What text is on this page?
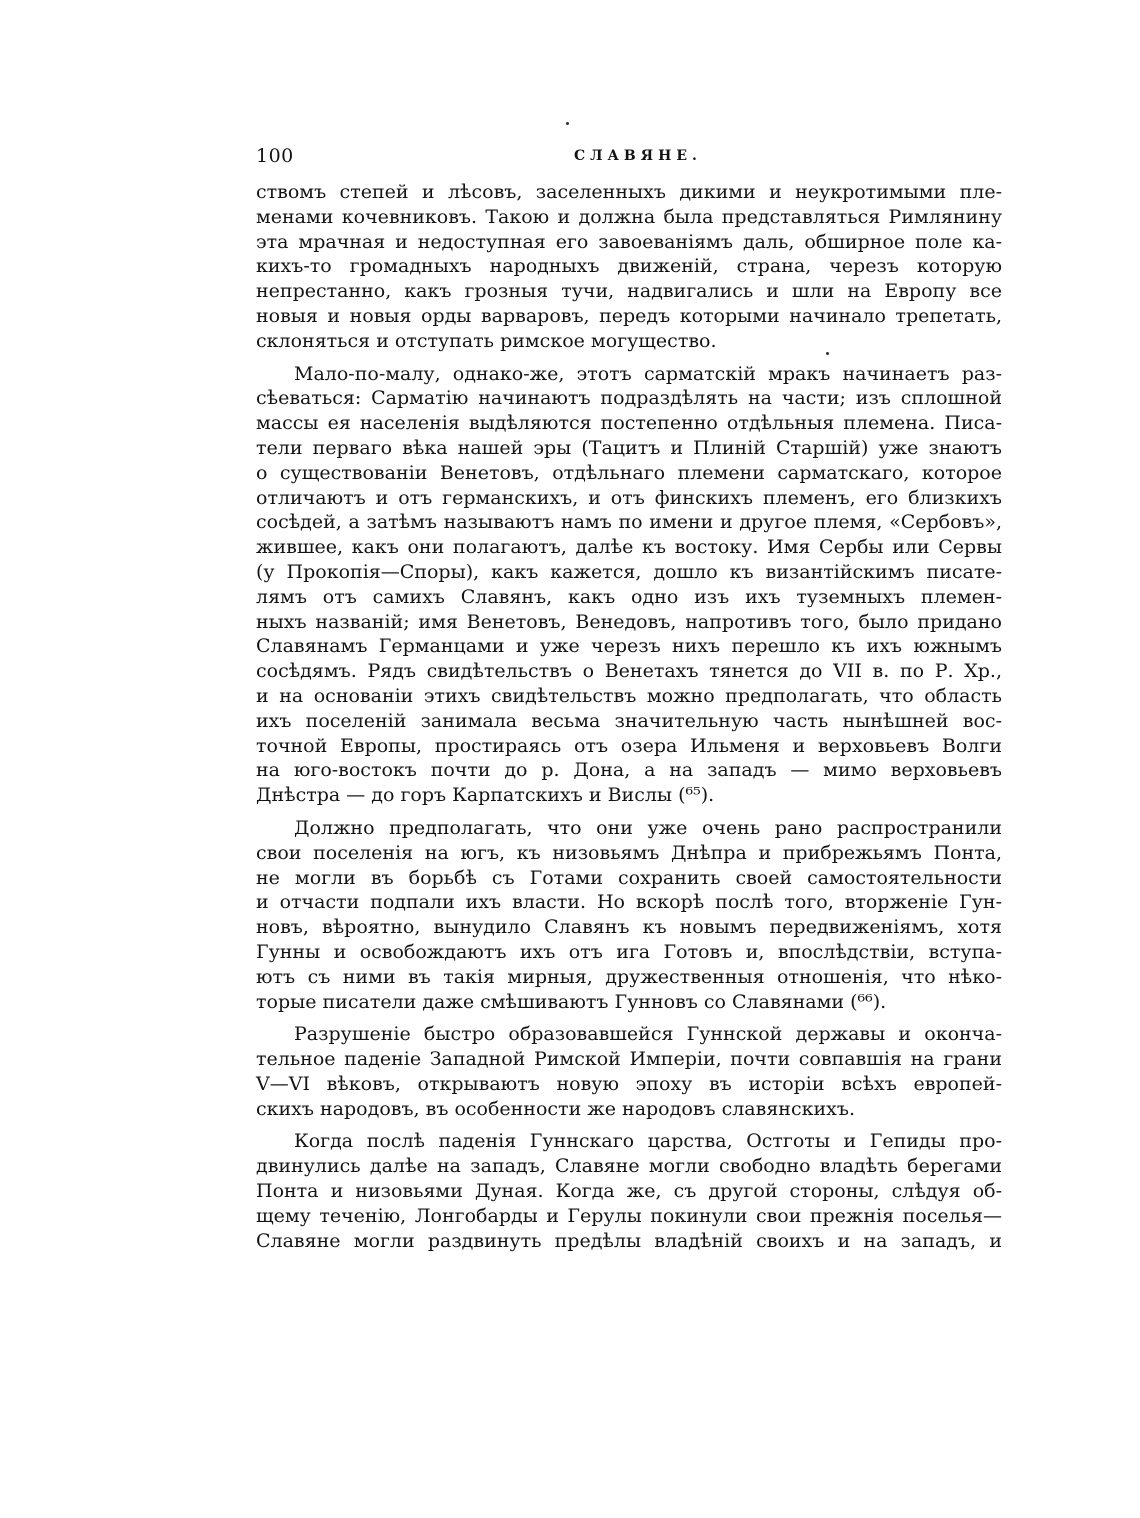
100	СЛАВЯНЕ.
ствомъ степей и лѣсовъ, заселенныхъ дикими и неукротимыми пле-
менами кочевниковъ. Такою и должна была представляться Римлянину
эта мрачная и недоступная его завоеваніямъ даль, обширное поле ка-
кихъ-то громадныхъ народныхъ движеній, страна, черезъ которую
непрестанно, какъ грозныя тучи, надвигались и шли на Европу все
новыя и новыя орды варваровъ, передъ которыми начинало трепетать,
склоняться и отступать римское могущество.
Мало-по-малу, однако-же, этотъ сарматскій мракъ начинаетъ раз-
сѣеваться: Сарматію начинаютъ подраздѣлять на части; изъ сплошной
массы ея населенія выдѣляются постепенно отдѣльныя племена. Писа-
тели перваго вѣка нашей эры (Тацитъ и Плиній Старшій) уже знаютъ
о существованіи Венетовъ, отдѣльнаго племени сарматскаго, которое
отличаютъ и отъ германскихъ, и отъ финскихъ племенъ, его близкихъ
сосѣдей, а затѣмъ называютъ намъ по имени и другое племя, «Сербовъ»,
жившее, какъ они полагаютъ, далѣе къ востоку. Имя Сербы или Сервы
(у Прокопія—Споры), какъ кажется, дошло къ византійскимъ писате-
лямъ отъ самихъ Славянъ, какъ одно изъ ихъ туземныхъ племен-
ныхъ названій; имя Венетовъ, Венедовъ, напротивъ того, было придано
Славянамъ Германцами и уже черезъ нихъ перешло къ ихъ южнымъ
сосѣдямъ. Рядъ свидѣтельствъ о Венетахъ тянется до VII в. по Р. Хр.,
и на основаніи этихъ свидѣтельствъ можно предполагать, что область
ихъ поселеній занимала весьма значительную часть нынѣшней вос-
точной Европы, простираясь отъ озера Ильменя и верховьевъ Волги
на юго-востокъ почти до р. Дона, а на западъ — мимо верховьевъ
Днѣстра — до горъ Карпатскихъ и Вислы (⁶⁵).
Должно предполагать, что они уже очень рано распространили
свои поселенія на югъ, къ низовьямъ Днѣпра и прибрежьямъ Понта,
не могли въ борьбѣ съ Готами сохранить своей самостоятельности
и отчасти подпали ихъ власти. Но вскорѣ послѣ того, вторженіе Гун-
новъ, вѣроятно, вынудило Славянъ къ новымъ передвиженіямъ, хотя
Гунны и освобождаютъ ихъ отъ ига Готовъ и, впослѣдствіи, вступа-
ютъ съ ними въ такія мирныя, дружественныя отношенія, что нѣко-
торые писатели даже смѣшиваютъ Гунновъ со Славянами (⁶⁶).
Разрушеніе быстро образовавшейся Гуннской державы и оконча-
тельное паденіе Западной Римской Имперіи, почти совпавшія на грани
V—VI вѣковъ, открываютъ новую эпоху въ исторіи всѣхъ европей-
скихъ народовъ, въ особенности же народовъ славянскихъ.
Когда послѣ паденія Гуннскаго царства, Остготы и Гепиды про-
двинулись далѣе на западъ, Славяне могли свободно владѣть берегами
Понта и низовьями Дуная. Когда же, съ другой стороны, слѣдуя об-
щему теченію, Лонгобарды и Герулы покинули свои прежнія поселья—
Славяне могли раздвинуть предѣлы владѣній своихъ и на западъ, и
